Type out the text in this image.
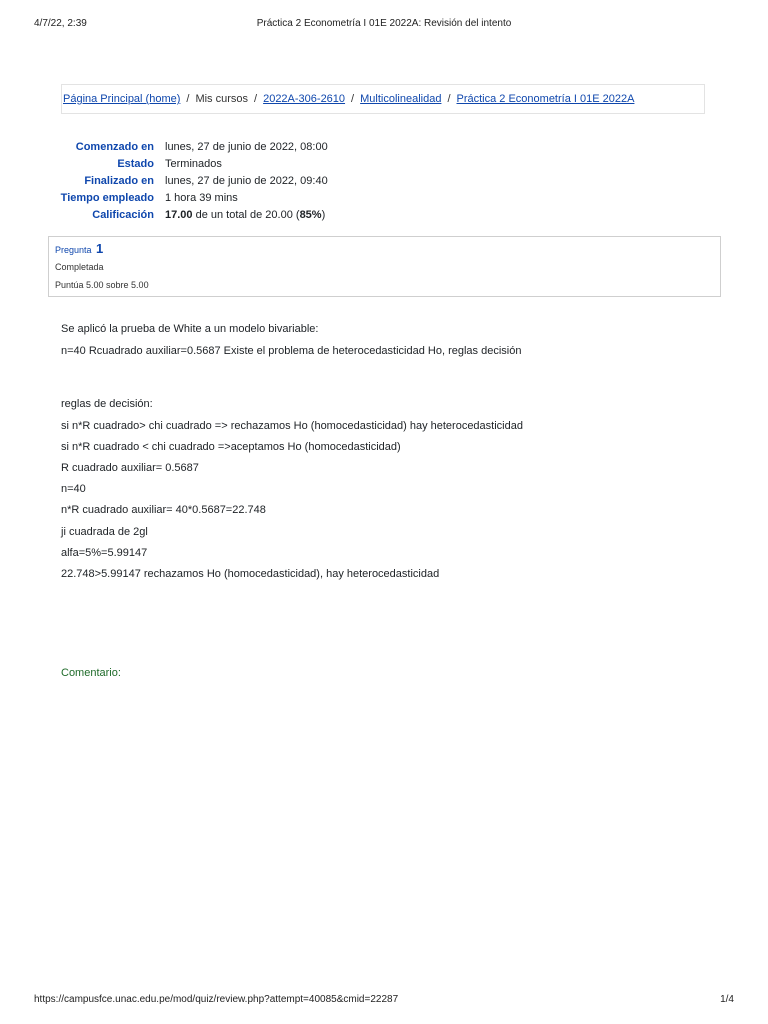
4/7/22, 2:39	Práctica 2 Econometría I 01E 2022A: Revisión del intento
Página Principal (home) / Mis cursos / 2022A-306-2610 / Multicolinealidad / Práctica 2 Econometría I 01E 2022A
Comenzado en lunes, 27 de junio de 2022, 08:00
Estado Terminados
Finalizado en lunes, 27 de junio de 2022, 09:40
Tiempo empleado 1 hora 39 mins
Calificación 17.00 de un total de 20.00 (85%)
Pregunta 1
Completada
Puntúa 5.00 sobre 5.00
Se aplicó la prueba de White a un modelo bivariable:
n=40 Rcuadrado auxiliar=0.5687 Existe el problema de heterocedasticidad Ho, reglas decisión
reglas de decisión:
si n*R cuadrado> chi cuadrado => rechazamos Ho (homocedasticidad) hay heterocedasticidad
si n*R cuadrado < chi cuadrado =>aceptamos Ho (homocedasticidad)
R cuadrado auxiliar= 0.5687
n=40
n*R cuadrado auxiliar= 40*0.5687=22.748
ji cuadrada de 2gl
alfa=5%=5.99147
22.748>5.99147 rechazamos Ho (homocedasticidad), hay heterocedasticidad
Comentario:
https://campusfce.unac.edu.pe/mod/quiz/review.php?attempt=40085&cmid=22287	1/4
